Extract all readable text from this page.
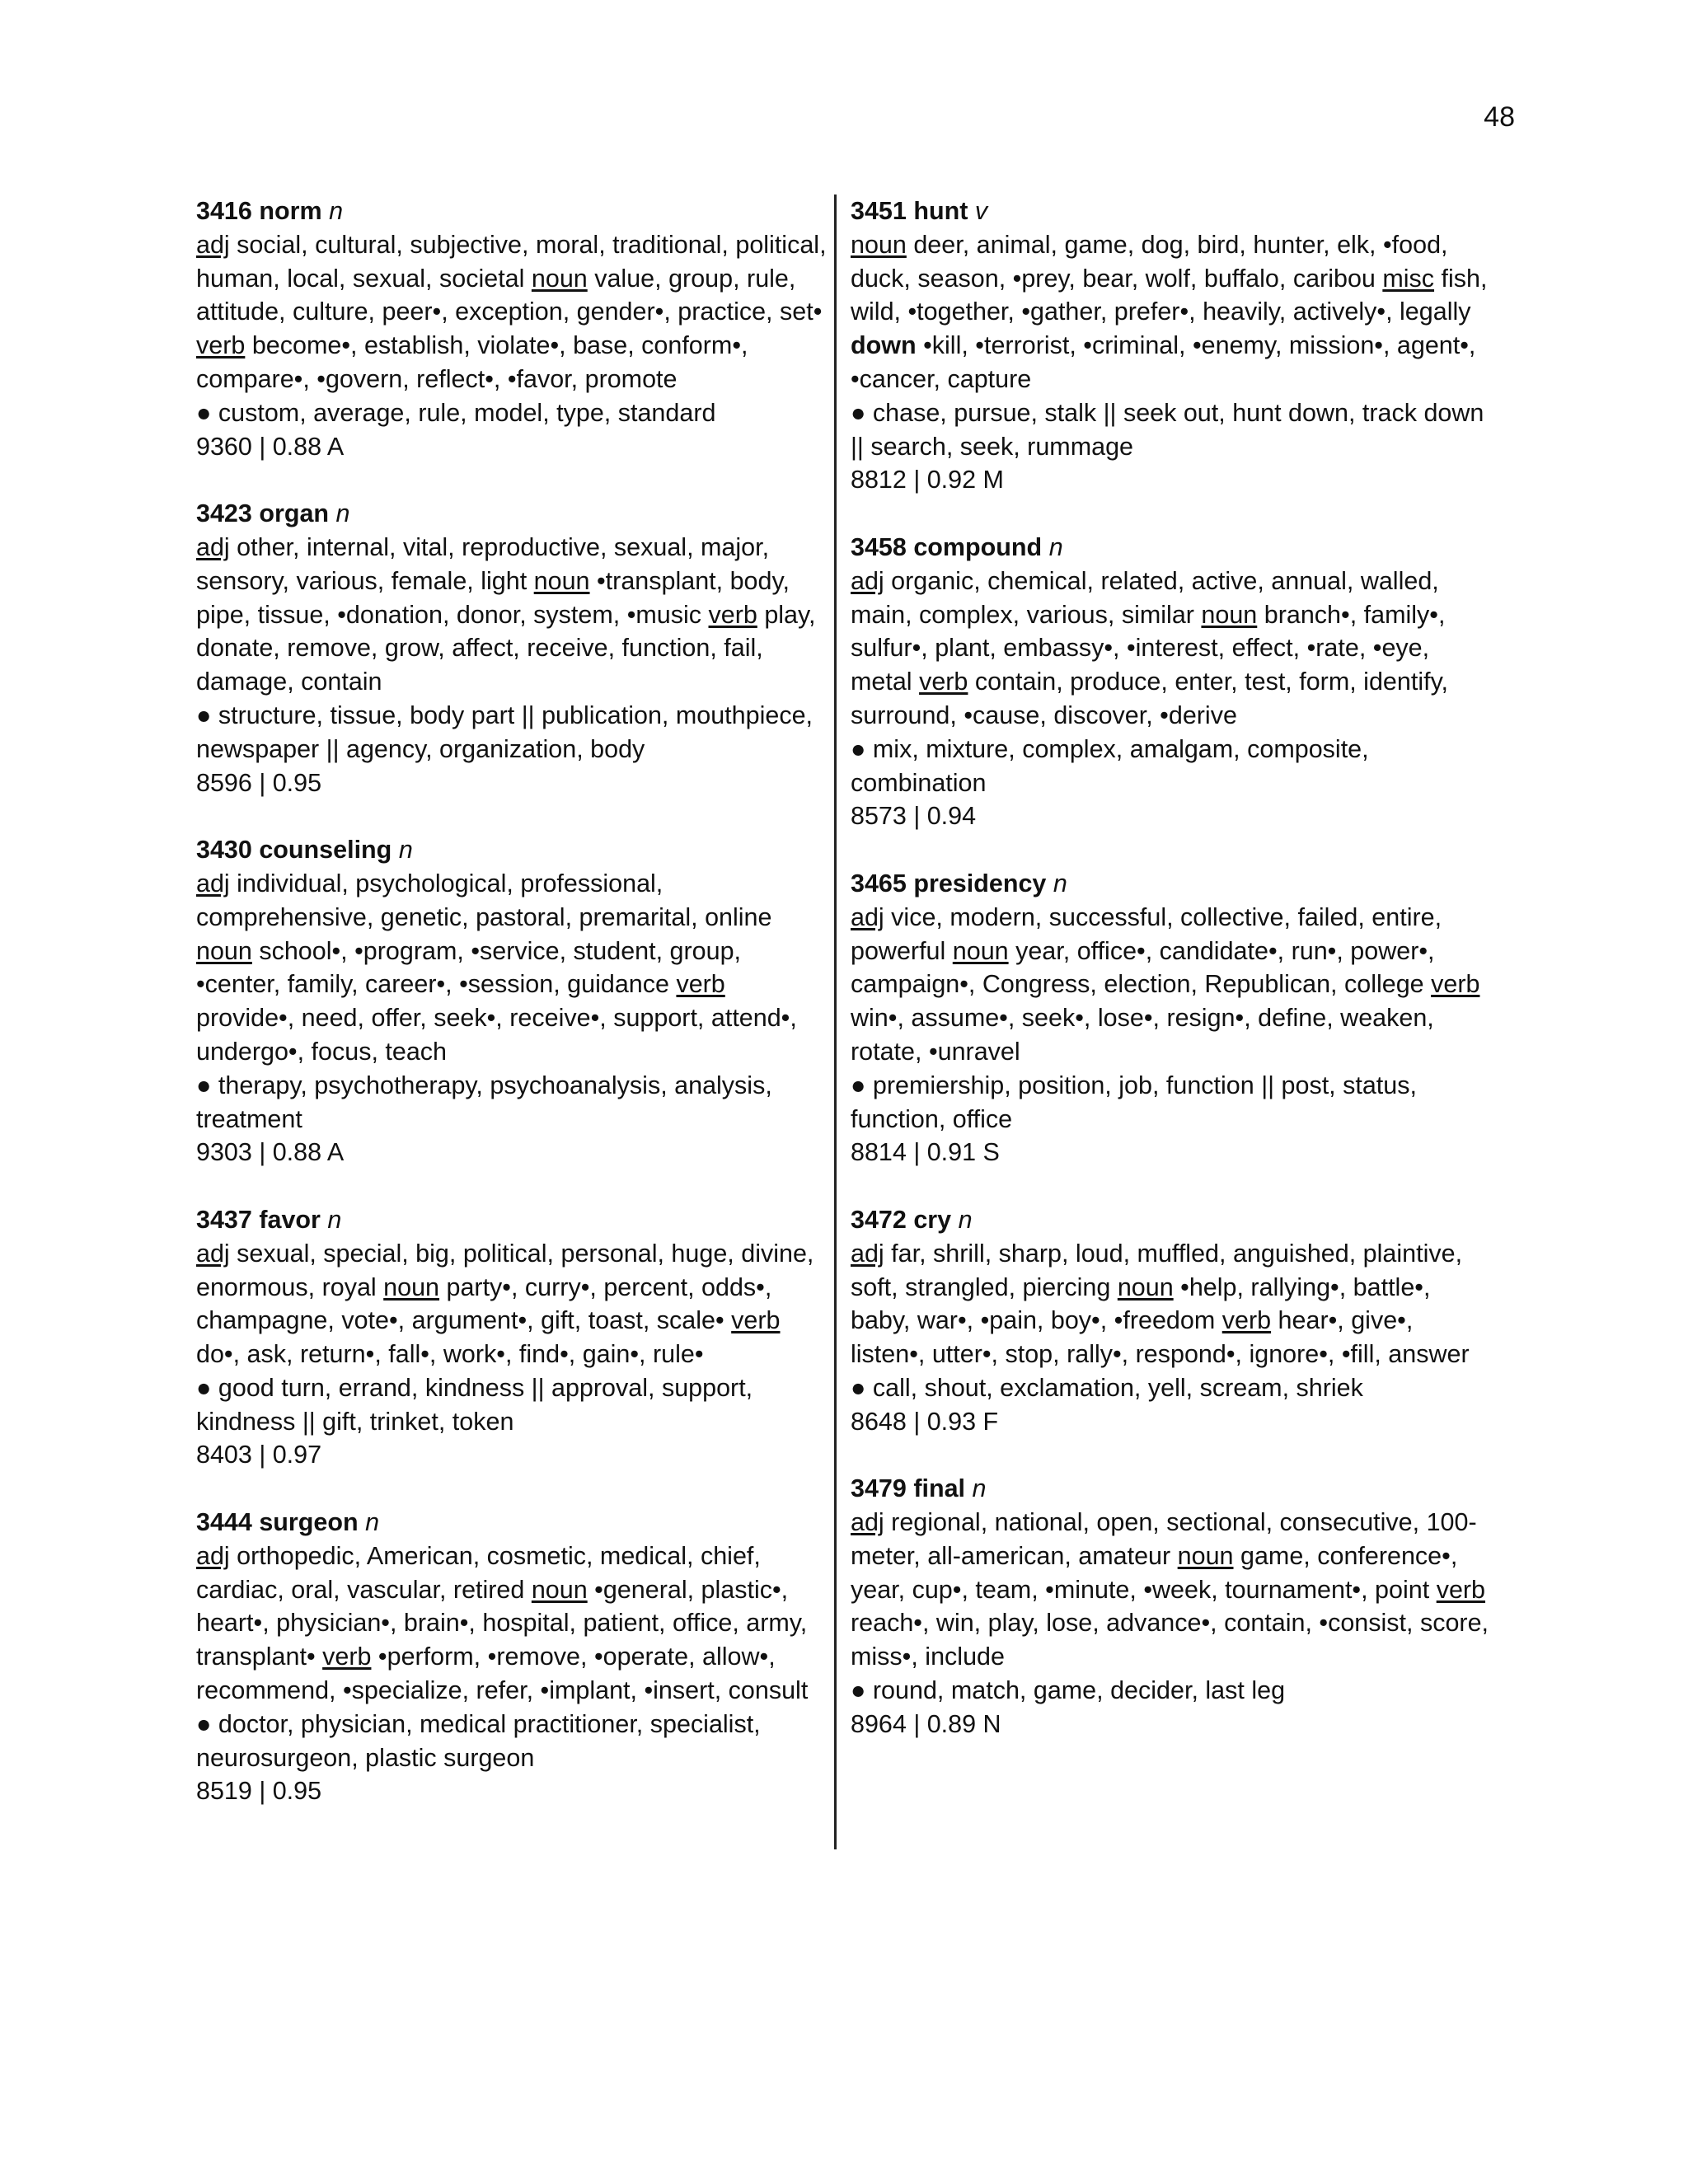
48
3416 norm n
adj social, cultural, subjective, moral, traditional, political, human, local, sexual, societal noun value, group, rule, attitude, culture, peer•, exception, gender•, practice, set• verb become•, establish, violate•, base, conform•, compare•, •govern, reflect•, •favor, promote
● custom, average, rule, model, type, standard
9360 | 0.88 A
3423 organ n
adj other, internal, vital, reproductive, sexual, major, sensory, various, female, light noun •transplant, body, pipe, tissue, •donation, donor, system, •music verb play, donate, remove, grow, affect, receive, function, fail, damage, contain
● structure, tissue, body part || publication, mouthpiece, newspaper || agency, organization, body
8596 | 0.95
3430 counseling n
adj individual, psychological, professional, comprehensive, genetic, pastoral, premarital, online noun school•, •program, •service, student, group, •center, family, career•, •session, guidance verb provide•, need, offer, seek•, receive•, support, attend•, undergo•, focus, teach
● therapy, psychotherapy, psychoanalysis, analysis, treatment
9303 | 0.88 A
3437 favor n
adj sexual, special, big, political, personal, huge, divine, enormous, royal noun party•, curry•, percent, odds•, champagne, vote•, argument•, gift, toast, scale• verb do•, ask, return•, fall•, work•, find•, gain•, rule•
● good turn, errand, kindness || approval, support, kindness || gift, trinket, token
8403 | 0.97
3444 surgeon n
adj orthopedic, American, cosmetic, medical, chief, cardiac, oral, vascular, retired noun •general, plastic•, heart•, physician•, brain•, hospital, patient, office, army, transplant• verb •perform, •remove, •operate, allow•, recommend, •specialize, refer, •implant, •insert, consult
● doctor, physician, medical practitioner, specialist, neurosurgeon, plastic surgeon
8519 | 0.95
3451 hunt v
noun deer, animal, game, dog, bird, hunter, elk, •food, duck, season, •prey, bear, wolf, buffalo, caribou misc fish, wild, •together, •gather, prefer•, heavily, actively•, legally
down •kill, •terrorist, •criminal, •enemy, mission•, agent•, •cancer, capture
● chase, pursue, stalk || seek out, hunt down, track down || search, seek, rummage
8812 | 0.92 M
3458 compound n
adj organic, chemical, related, active, annual, walled, main, complex, various, similar noun branch•, family•, sulfur•, plant, embassy•, •interest, effect, •rate, •eye, metal verb contain, produce, enter, test, form, identify, surround, •cause, discover, •derive
● mix, mixture, complex, amalgam, composite, combination
8573 | 0.94
3465 presidency n
adj vice, modern, successful, collective, failed, entire, powerful noun year, office•, candidate•, run•, power•, campaign•, Congress, election, Republican, college verb win•, assume•, seek•, lose•, resign•, define, weaken, rotate, •unravel
● premiership, position, job, function || post, status, function, office
8814 | 0.91 S
3472 cry n
adj far, shrill, sharp, loud, muffled, anguished, plaintive, soft, strangled, piercing noun •help, rallying•, battle•, baby, war•, •pain, boy•, •freedom verb hear•, give•, listen•, utter•, stop, rally•, respond•, ignore•, •fill, answer
● call, shout, exclamation, yell, scream, shriek
8648 | 0.93 F
3479 final n
adj regional, national, open, sectional, consecutive, 100-meter, all-american, amateur noun game, conference•, year, cup•, team, •minute, •week, tournament•, point verb reach•, win, play, lose, advance•, contain, •consist, score, miss•, include
● round, match, game, decider, last leg
8964 | 0.89 N
